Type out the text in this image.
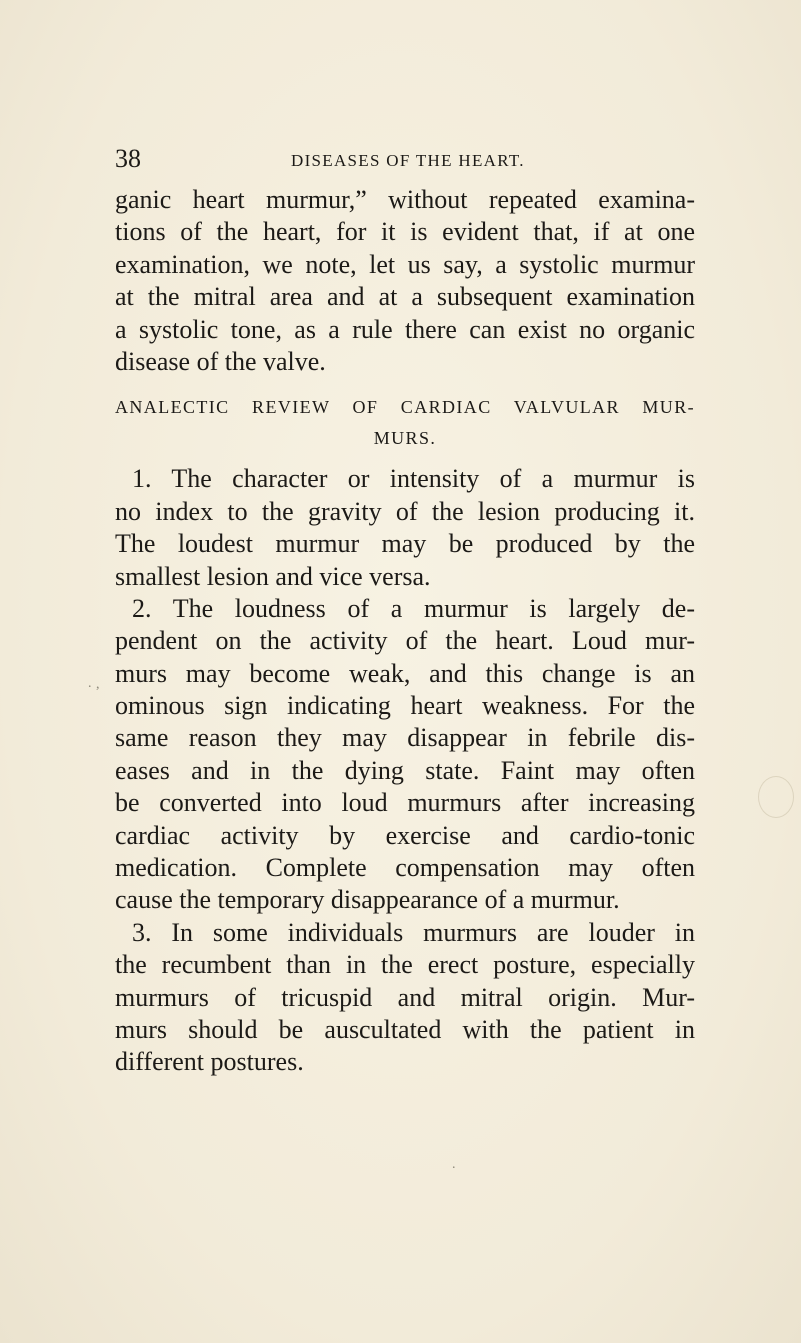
38	DISEASES OF THE HEART.
ganic heart murmur,” without repeated examina-
tions of the heart, for it is evident that, if at one
examination, we note, let us say, a systolic murmur
at the mitral area and at a subsequent examination
a systolic tone, as a rule there can exist no organic
disease of the valve.
ANALECTIC REVIEW OF CARDIAC VALVULAR MUR-
MURS.
1. The character or intensity of a murmur is
no index to the gravity of the lesion producing it.
The loudest murmur may be produced by the
smallest lesion and vice versa.
2. The loudness of a murmur is largely de-
pendent on the activity of the heart. Loud mur-
murs may become weak, and this change is an
ominous sign indicating heart weakness. For the
same reason they may disappear in febrile dis-
eases and in the dying state. Faint may often
be converted into loud murmurs after increasing
cardiac activity by exercise and cardio-tonic
medication. Complete compensation may often
cause the temporary disappearance of a murmur.
3. In some individuals murmurs are louder in
the recumbent than in the erect posture, especially
murmurs of tricuspid and mitral origin. Mur-
murs should be auscultated with the patient in
different postures.
. ,
.
